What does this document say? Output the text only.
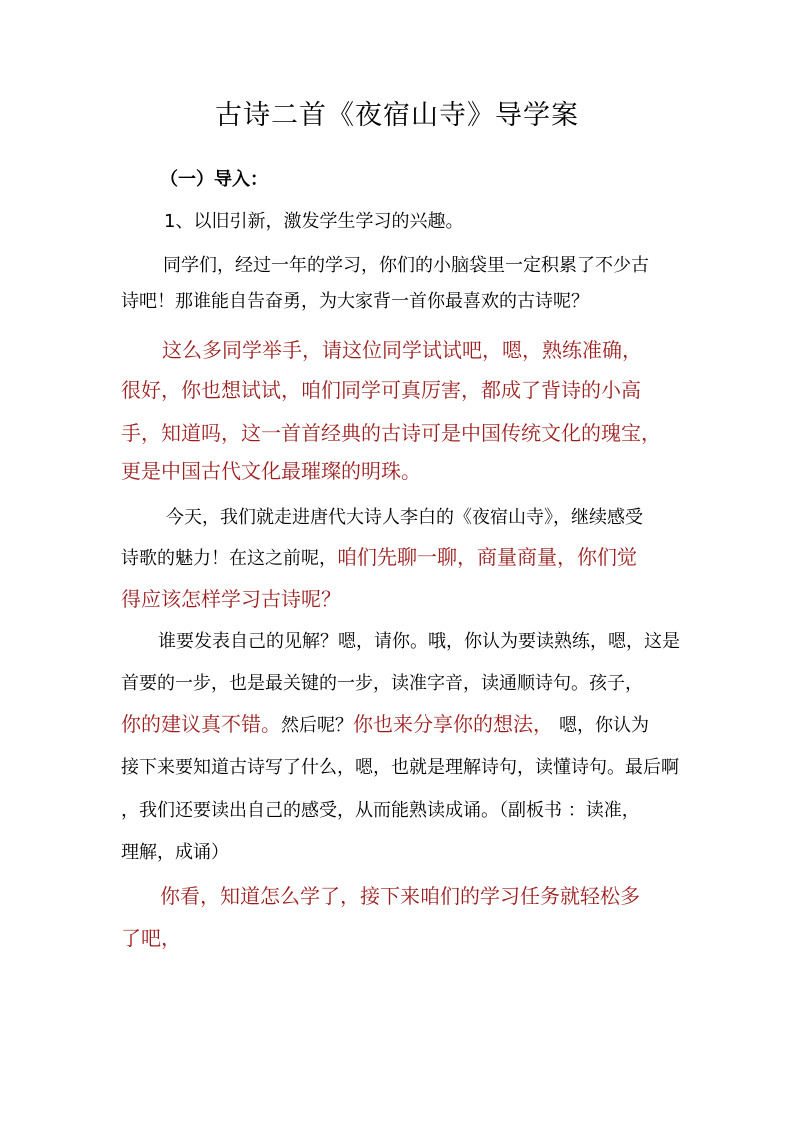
古诗二首《夜宿山寺》导学案
（一）导入：
1、以旧引新，激发学生学习的兴趣。
同学们，经过一年的学习，你们的小脑袋里一定积累了不少古
诗吧！那谁能自告奋勇，为大家背一首你最喜欢的古诗呢？
这么多同学举手，请这位同学试试吧，嗯，熟练准确，
很好，你也想试试，咱们同学可真厉害，都成了背诗的小高
手，知道吗，这一首首经典的古诗可是中国传统文化的瑰宝，
更是中国古代文化最璀璨的明珠。
今天，我们就走进唐代大诗人李白的《夜宿山寺》，继续感受
诗歌的魅力！在这之前呢，咱们先聊一聊，商量商量，你们觉
得应该怎样学习古诗呢？
谁要发表自己的见解？嗯，请你。哦，你认为要读熟练，嗯，这是
首要的一步，也是最关键的一步，读准字音，读通顺诗句。孩子，
你的建议真不错。然后呢？你也来分享你的想法， 嗯，你认为
接下来要知道古诗写了什么，嗯，也就是理解诗句，读懂诗句。最后啊
，我们还要读出自己的感受，从而能熟读成诵。（副板书 ：读准，
理解，成诵）
你看，知道怎么学了，接下来咱们的学习任务就轻松多
了吧，
